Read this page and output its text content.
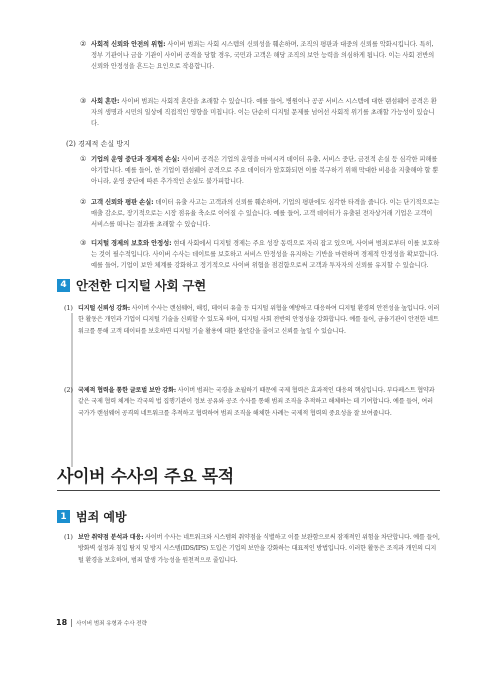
② 사회적 신뢰와 안전의 위협: 사이버 범죄는 사회 시스템의 신뢰성을 훼손하며, 조직의 평판과 대중의 신뢰를 악화시킵니다. 특히, 정부 기관이나 금융 기관이 사이버 공격을 당할 경우, 국민과 고객은 해당 조직의 보안 능력을 의심하게 됩니다. 이는 사회 전반의 신뢰와 안정성을 흔드는 요인으로 작용합니다.
③ 사회 혼란: 사이버 범죄는 사회적 혼란을 초래할 수 있습니다. 예를 들어, 병원이나 공공 서비스 시스템에 대한 랜섬웨어 공격은 환자의 생명과 시민의 일상에 직접적인 영향을 미칩니다. 이는 단순히 디지털 문제를 넘어선 사회적 위기를 초래할 가능성이 있습니다.
(2) 경제적 손실 방지
① 기업의 운영 중단과 경제적 손실: 사이버 공격은 기업의 운영을 마비시켜 데이터 유출, 서비스 중단, 금전적 손실 등 심각한 피해를 야기합니다. 예를 들어, 한 기업이 랜섬웨어 공격으로 주요 데이터가 암호화되면 이를 복구하기 위해 막대한 비용을 지출해야 할 뿐 아니라, 운영 중단에 따른 추가적인 손실도 불가피합니다.
② 고객 신뢰와 평판 손실: 데이터 유출 사고는 고객과의 신뢰를 훼손하며, 기업의 평판에도 심각한 타격을 줍니다. 이는 단기적으로는 매출 감소로, 장기적으로는 시장 점유율 축소로 이어질 수 있습니다. 예를 들어, 고객 데이터가 유출된 전자상거래 기업은 고객이 서비스를 떠나는 결과를 초래할 수 있습니다.
③ 디지털 경제의 보호와 안정성: 현대 사회에서 디지털 경제는 주요 성장 동력으로 자리 잡고 있으며, 사이버 범죄로부터 이를 보호하는 것이 필수적입니다. 사이버 수사는 데이트를 보호하고 서비스 안정성을 유지하는 기반을 마련하며 경제적 안정성을 확보합니다. 예를 들어, 기업이 보안 체계를 강화하고 정기적으로 사이버 위협을 점검함으로써 고객과 투자자의 신뢰를 유지할 수 있습니다.
4 안전한 디지털 사회 구현
(1) 디지털 신뢰성 강화: 사이버 수사는 랜섬웨어, 해킹, 데이터 유출 등 디지털 위협을 예방하고 대응하여 디지털 환경의 안전성을 높입니다. 이러한 활동은 개인과 기업이 디지털 기술을 신뢰할 수 있도록 하며, 디지털 사회 전반의 안정성을 강화합니다. 예를 들어, 금융기관이 안전한 네트워크를 통해 고객 데이터를 보호하면 디지털 기술 활용에 대한 불안감을 줄이고 신뢰를 높일 수 있습니다.
(2) 국제적 협력을 통한 글로벌 보안 강화: 사이버 범죄는 국경을 초월하기 때문에 국제 협력은 효과적인 대응의 핵심입니다. 부다페스트 협약과 같은 국제 협력 체계는 각국의 법 집행기관이 정보 공유와 공조 수사를 통해 범죄 조직을 추적하고 해체하는 데 기여합니다. 예를 들어, 여러 국가가 랜섬웨어 공격의 네트워크를 추적하고 협력하여 범죄 조직을 해체한 사례는 국제적 협력의 중요성을 잘 보여줍니다.
사이버 수사의 주요 목적
1 범죄 예방
(1) 보안 취약점 분석과 대응: 사이버 수사는 네트워크와 시스템의 취약점을 식별하고 이를 보완함으로써 잠재적인 위험을 차단합니다. 예를 들어, 방화벽 설정과 침입 탐지 및 방지 시스템(IDS/IPS) 도입은 기업의 보안을 강화하는 대표적인 방법입니다. 이러한 활동은 조직과 개인의 디지털 환경을 보호하며, 범죄 발생 가능성을 원천적으로 줄입니다.
18 사이버 범죄 유형과 수사 전략
